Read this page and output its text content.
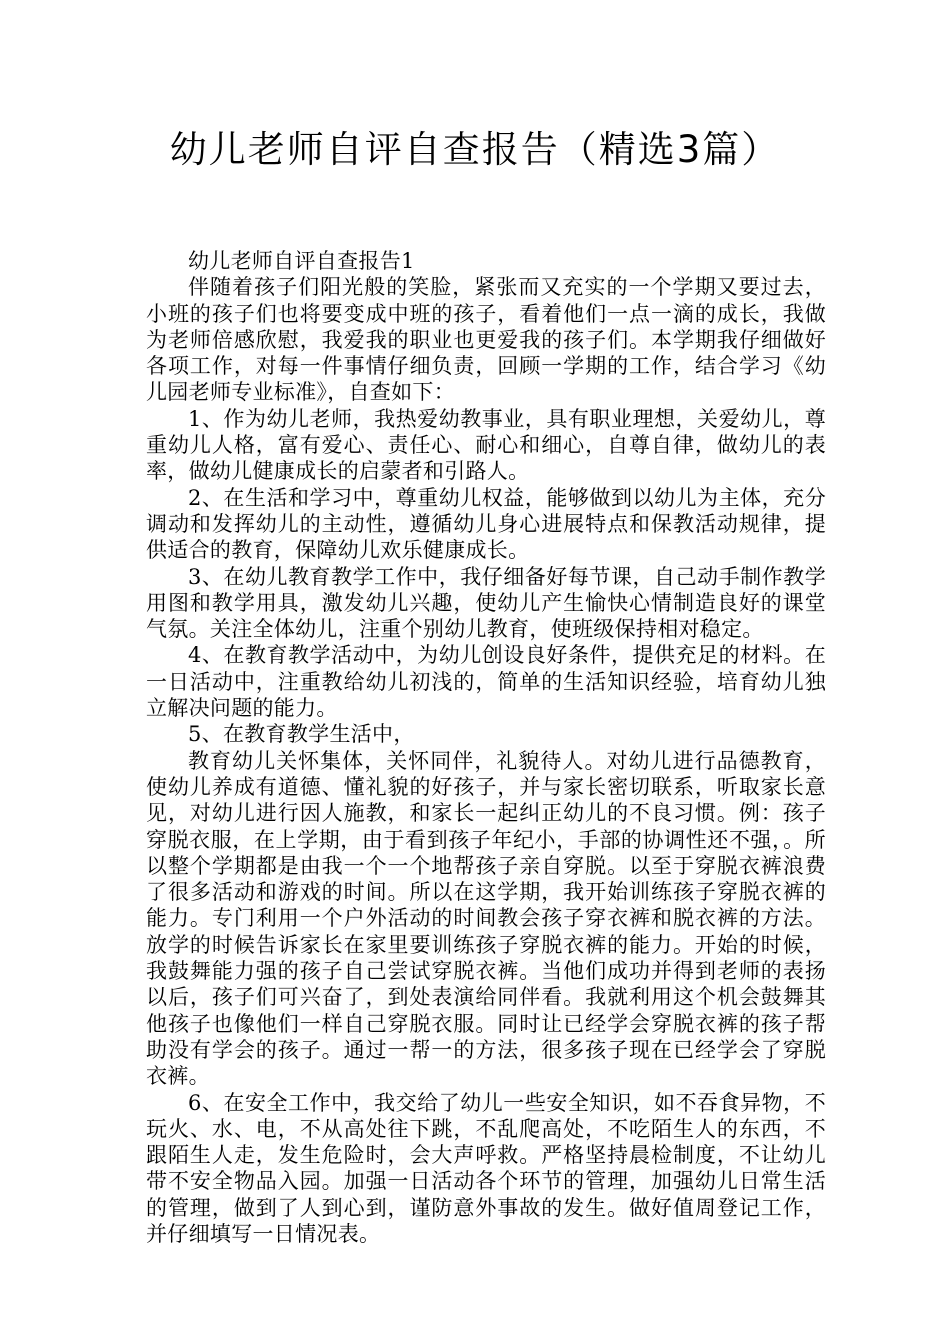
幼儿老师自评自查报告（精选3篇）

幼儿老师自评自查报告1

伴随着孩子们阳光般的笑脸，紧张而又充实的一个学期又要过去，小班的孩子们也将要变成中班的孩子，看着他们一点一滴的成长，我做为老师倍感欣慰，我爱我的职业也更爱我的孩子们。本学期我仔细做好各项工作，对每一件事情仔细负责，回顾一学期的工作，结合学习《幼儿园老师专业标准》，自查如下：

1、作为幼儿老师，我热爱幼教事业，具有职业理想，关爱幼儿，尊重幼儿人格，富有爱心、责任心、耐心和细心，自尊自律，做幼儿的表率，做幼儿健康成长的启蒙者和引路人。

2、在生活和学习中，尊重幼儿权益，能够做到以幼儿为主体，充分调动和发挥幼儿的主动性，遵循幼儿身心进展特点和保教活动规律，提供适合的教育，保障幼儿欢乐健康成长。

3、在幼儿教育教学工作中，我仔细备好每节课，自己动手制作教学用图和教学用具，激发幼儿兴趣，使幼儿产生愉快心情制造良好的课堂气氛。关注全体幼儿，注重个别幼儿教育，使班级保持相对稳定。

4、在教育教学活动中，为幼儿创设良好条件，提供充足的材料。在一日活动中，注重教给幼儿初浅的，简单的生活知识经验，培育幼儿独立解决问题的能力。

5、在教育教学生活中，

教育幼儿关怀集体，关怀同伴，礼貌待人。对幼儿进行品德教育，使幼儿养成有道德、懂礼貌的好孩子，并与家长密切联系，听取家长意见，对幼儿进行因人施教，和家长一起纠正幼儿的不良习惯。例：孩子穿脱衣服，在上学期，由于看到孩子年纪小，手部的协调性还不强，。所以整个学期都是由我一个一个地帮孩子亲自穿脱。以至于穿脱衣裤浪费了很多活动和游戏的时间。所以在这学期，我开始训练孩子穿脱衣裤的能力。专门利用一个户外活动的时间教会孩子穿衣裤和脱衣裤的方法。放学的时候告诉家长在家里要训练孩子穿脱衣裤的能力。开始的时候，我鼓舞能力强的孩子自己尝试穿脱衣裤。当他们成功并得到老师的表扬以后，孩子们可兴奋了，到处表演给同伴看。我就利用这个机会鼓舞其他孩子也像他们一样自己穿脱衣服。同时让已经学会穿脱衣裤的孩子帮助没有学会的孩子。通过一帮一的方法，很多孩子现在已经学会了穿脱衣裤。

6、在安全工作中，我交给了幼儿一些安全知识，如不吞食异物，不玩火、水、电，不从高处往下跳，不乱爬高处，不吃陌生人的东西，不跟陌生人走，发生危险时，会大声呼救。严格坚持晨检制度，不让幼儿带不安全物品入园。加强一日活动各个环节的管理，加强幼儿日常生活的管理，做到了人到心到，谨防意外事故的发生。做好值周登记工作，并仔细填写一日情况表。
